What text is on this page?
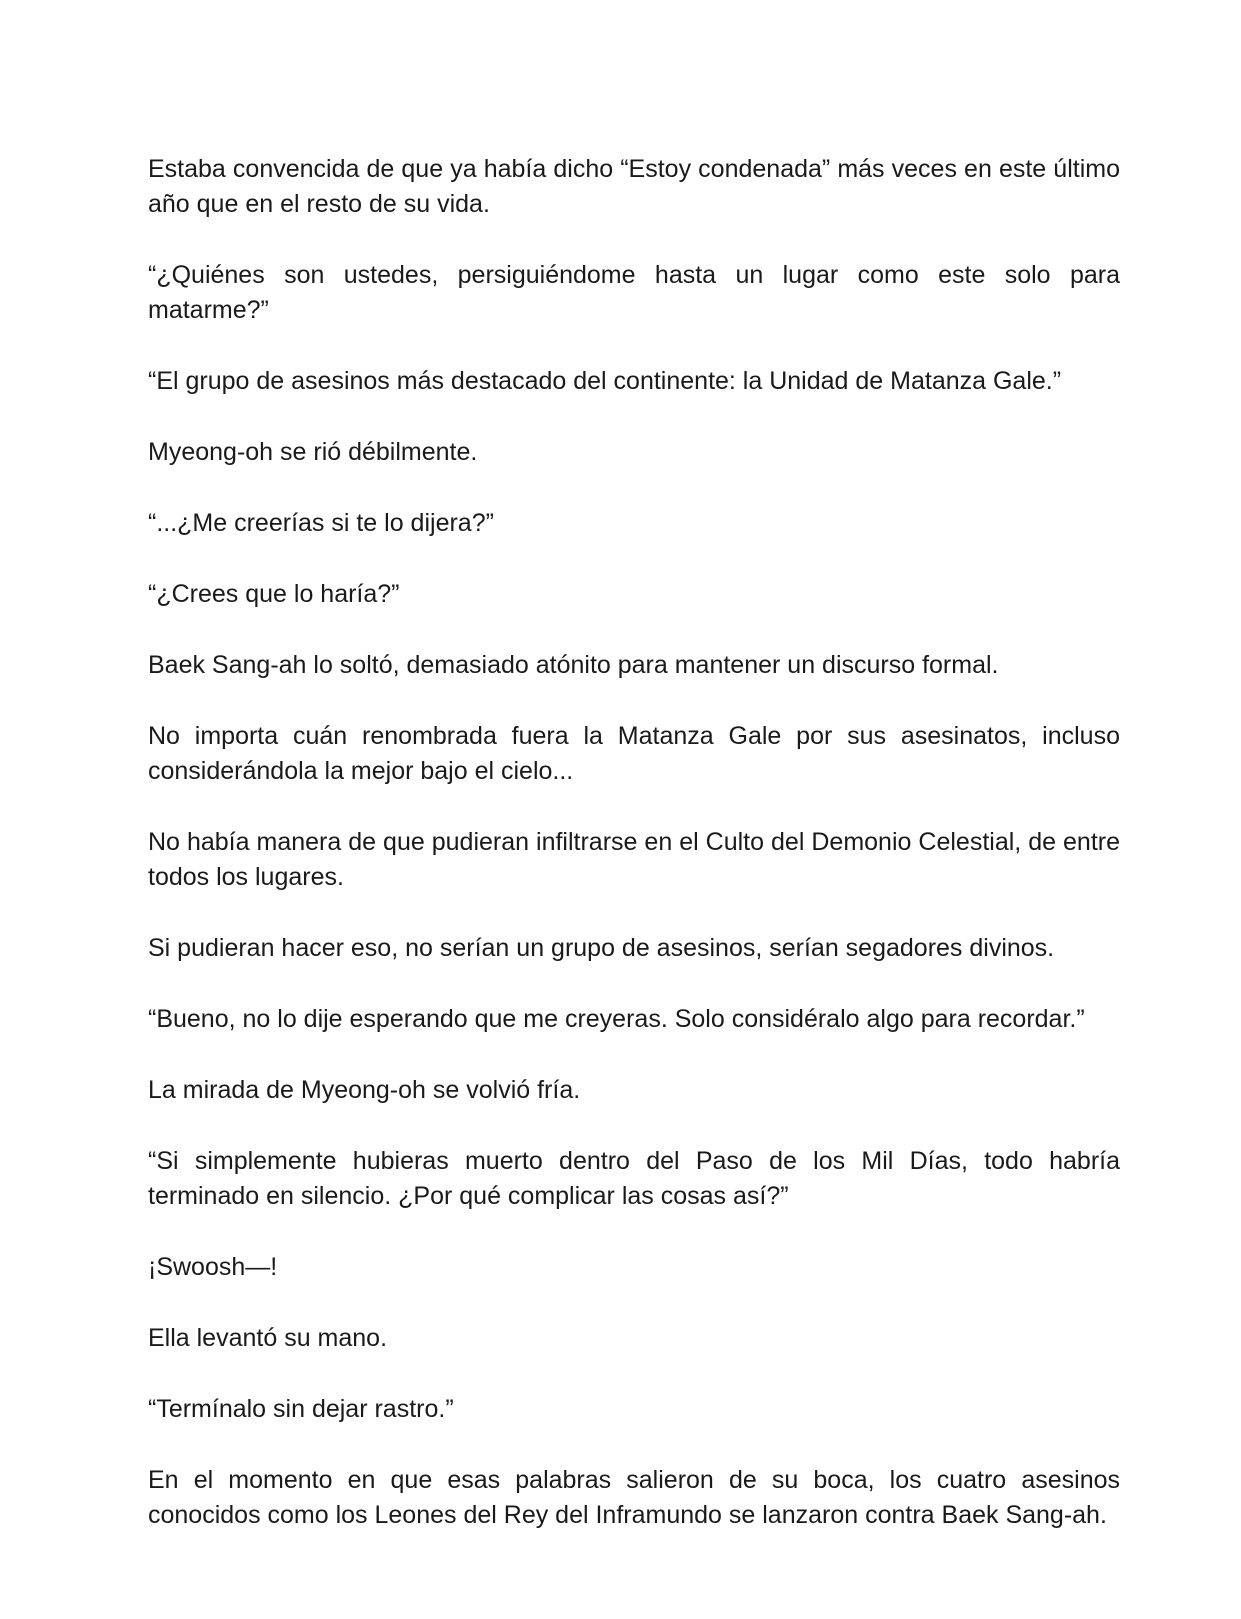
Estaba convencida de que ya había dicho “Estoy condenada” más veces en este último año que en el resto de su vida.

“¿Quiénes son ustedes, persiguiéndome hasta un lugar como este solo para matarme?”

“El grupo de asesinos más destacado del continente: la Unidad de Matanza Gale.”

Myeong-oh se rió débilmente.

“...¿Me creerías si te lo dijera?”

“¿Crees que lo haría?”

Baek Sang-ah lo soltó, demasiado atónito para mantener un discurso formal.

No importa cuán renombrada fuera la Matanza Gale por sus asesinatos, incluso considerándola la mejor bajo el cielo...

No había manera de que pudieran infiltrarse en el Culto del Demonio Celestial, de entre todos los lugares.

Si pudieran hacer eso, no serían un grupo de asesinos, serían segadores divinos.

“Bueno, no lo dije esperando que me creyeras. Solo considéralo algo para recordar.”

La mirada de Myeong-oh se volvió fría.

“Si simplemente hubieras muerto dentro del Paso de los Mil Días, todo habría terminado en silencio. ¿Por qué complicar las cosas así?”

¡Swoosh—!

Ella levantó su mano.

“Termínalo sin dejar rastro.”

En el momento en que esas palabras salieron de su boca, los cuatro asesinos conocidos como los Leones del Rey del Inframundo se lanzaron contra Baek Sang-ah.
